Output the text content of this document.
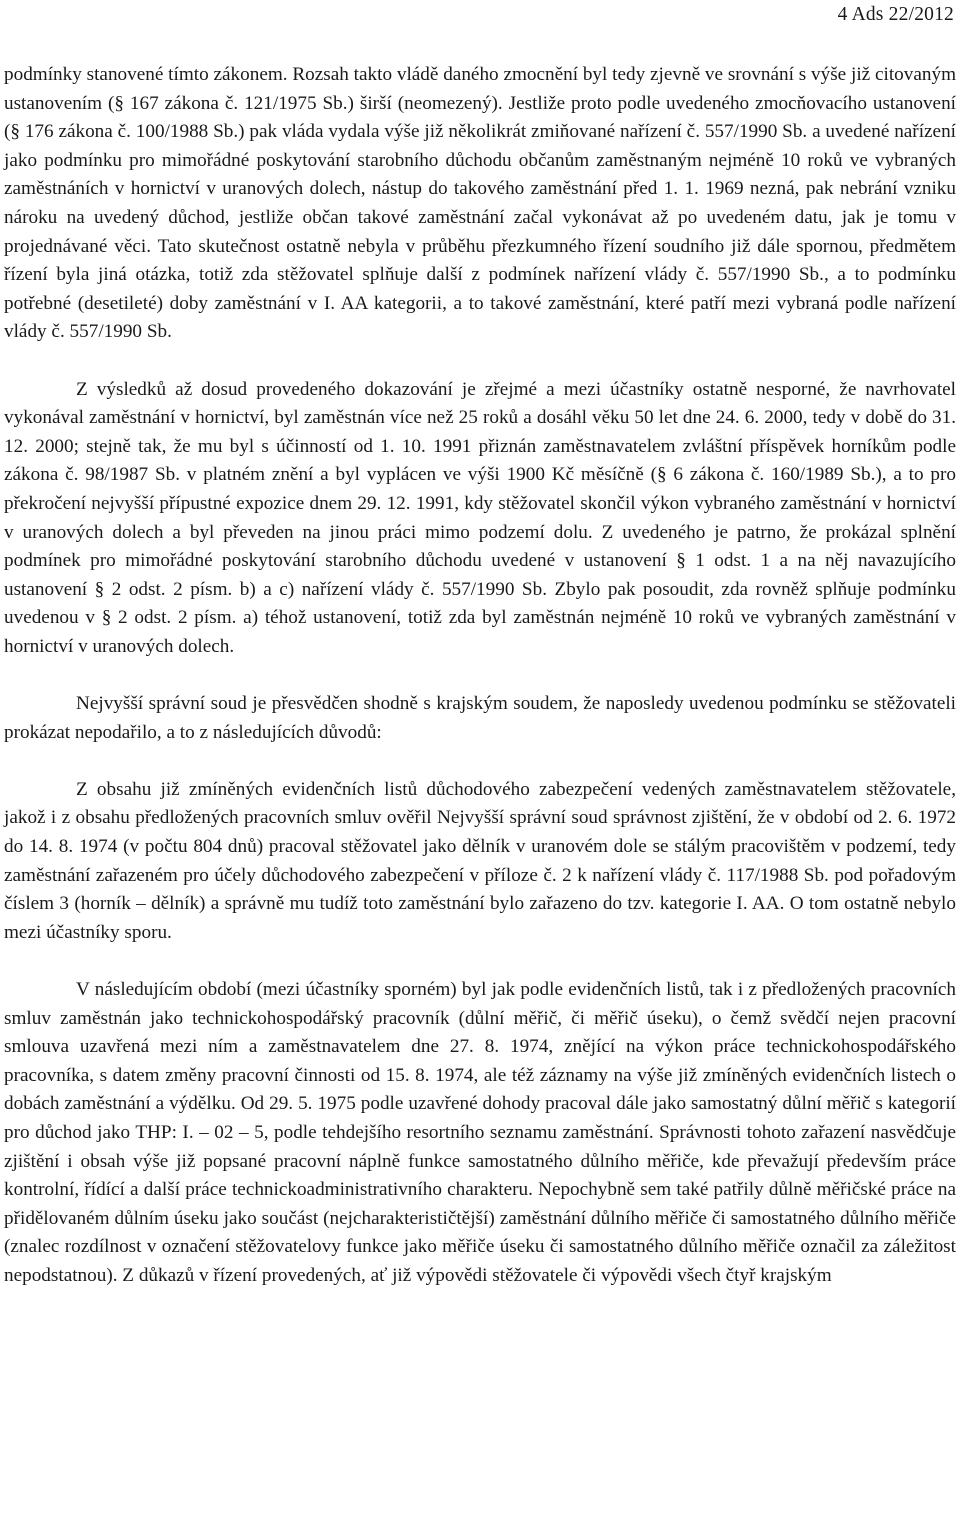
4 Ads 22/2012

podmínky stanovené tímto zákonem. Rozsah takto vládě daného zmocnění byl tedy zjevně ve srovnání s výše již citovaným ustanovením (§ 167 zákona č. 121/1975 Sb.) širší (neomezený). Jestliže proto podle uvedeného zmocňovacího ustanovení (§ 176 zákona č. 100/1988 Sb.) pak vláda vydala výše již několikrát zmiňované nařízení č. 557/1990 Sb. a uvedené nařízení jako podmínku pro mimořádné poskytování starobního důchodu občanům zaměstnaným nejméně 10 roků ve vybraných zaměstnáních v hornictví v uranových dolech, nástup do takového zaměstnání před 1. 1. 1969 nezná, pak nebrání vzniku nároku na uvedený důchod, jestliže občan takové zaměstnání začal vykonávat až po uvedeném datu, jak je tomu v projednávané věci. Tato skutečnost ostatně nebyla v průběhu přezkumného řízení soudního již dále spornou, předmětem řízení byla jiná otázka, totiž zda stěžovatel splňuje další z podmínek nařízení vlády č. 557/1990 Sb., a to podmínku potřebné (desetileté) doby zaměstnání v I. AA kategorii, a to takové zaměstnání, které patří mezi vybraná podle nařízení vlády č. 557/1990 Sb.

Z výsledků až dosud provedeného dokazování je zřejmé a mezi účastníky ostatně nesporné, že navrhovatel vykonával zaměstnání v hornictví, byl zaměstnán více než 25 roků a dosáhl věku 50 let dne 24. 6. 2000, tedy v době do 31. 12. 2000; stejně tak, že mu byl s účinností od 1. 10. 1991 přiznán zaměstnavatelem zvláštní příspěvek horníkům podle zákona č. 98/1987 Sb. v platném znění a byl vyplácen ve výši 1900 Kč měsíčně (§ 6 zákona č. 160/1989 Sb.), a to pro překročení nejvyšší přípustné expozice dnem 29. 12. 1991, kdy stěžovatel skončil výkon vybraného zaměstnání v hornictví v uranových dolech a byl převeden na jinou práci mimo podzemí dolu. Z uvedeného je patrno, že prokázal splnění podmínek pro mimořádné poskytování starobního důchodu uvedené v ustanovení § 1 odst. 1 a na něj navazujícího ustanovení § 2 odst. 2 písm. b) a c) nařízení vlády č. 557/1990 Sb. Zbylo pak posoudit, zda rovněž splňuje podmínku uvedenou v § 2 odst. 2 písm. a) téhož ustanovení, totiž zda byl zaměstnán nejméně 10 roků ve vybraných zaměstnání v hornictví v uranových dolech.

Nejvyšší správní soud je přesvědčen shodně s krajským soudem, že naposledy uvedenou podmínku se stěžovateli prokázat nepodařilo, a to z následujících důvodů:

Z obsahu již zmíněných evidenčních listů důchodového zabezpečení vedených zaměstnavatelem stěžovatele, jakož i z obsahu předložených pracovních smluv ověřil Nejvyšší správní soud správnost zjištění, že v období od 2. 6. 1972 do 14. 8. 1974 (v počtu 804 dnů) pracoval stěžovatel jako dělník v uranovém dole se stálým pracovištěm v podzemí, tedy zaměstnání zařazeném pro účely důchodového zabezpečení v příloze č. 2 k nařízení vlády č. 117/1988 Sb. pod pořadovým číslem 3 (horník – dělník) a správně mu tudíž toto zaměstnání bylo zařazeno do tzv. kategorie I. AA. O tom ostatně nebylo mezi účastníky sporu.

V následujícím období (mezi účastníky sporném) byl jak podle evidenčních listů, tak i z předložených pracovních smluv zaměstnán jako technickohospodářský pracovník (důlní měřič, či měřič úseku), o čemž svědčí nejen pracovní smlouva uzavřená mezi ním a zaměstnavatelem dne 27. 8. 1974, znějící na výkon práce technickohospodářského pracovníka, s datem změny pracovní činnosti od 15. 8. 1974, ale též záznamy na výše již zmíněných evidenčních listech o dobách zaměstnání a výdělku. Od 29. 5. 1975 podle uzavřené dohody pracoval dále jako samostatný důlní měřič s kategorií pro důchod jako THP: I. – 02 – 5, podle tehdejšího resortního seznamu zaměstnání. Správnosti tohoto zařazení nasvědčuje zjištění i obsah výše již popsané pracovní náplně funkce samostatného důlního měřiče, kde převažují především práce kontrolní, řídící a další práce technickoadministrativního charakteru. Nepochybně sem také patřily důlně měřičské práce na přidělovaném důlním úseku jako součást (nejcharakterističtější) zaměstnání důlního měřiče či samostatného důlního měřiče (znalec rozdílnost v označení stěžovatelovy funkce jako měřiče úseku či samostatného důlního měřiče označil za záležitost nepodstatnou). Z důkazů v řízení provedených, ať již výpovědi stěžovatele či výpovědi všech čtyř krajským
